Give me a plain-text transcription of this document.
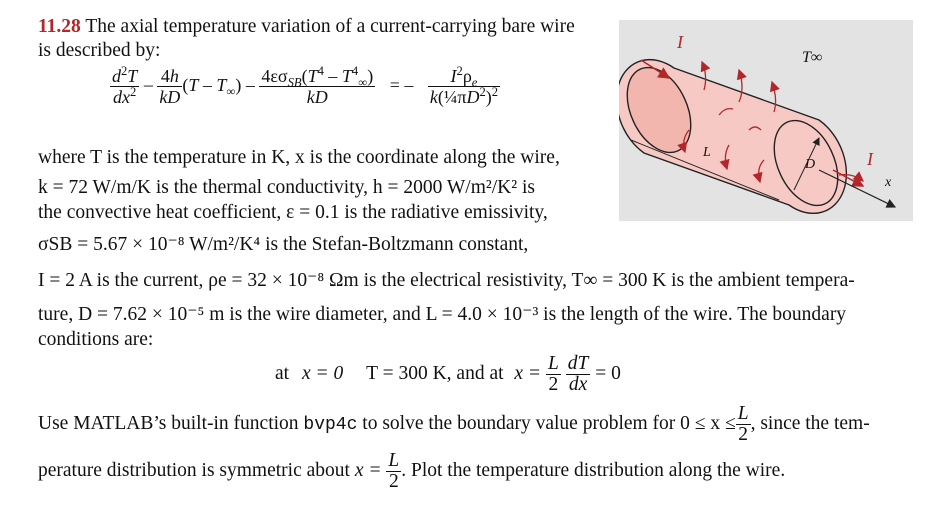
11.28 The axial temperature variation of a current-carrying bare wire
is described by:
$\frac{d^2T}{dx^2} - \frac{4h}{kD} (T - T_\infty) - \frac{4\varepsilon\sigma_{SB}(T^4 - T^4_\infty)}{kD}$ = – $\frac{I^2\rho_e}{k(\frac{1}{4}\pi D^2)^2}$
where T is the temperature in K, x is the coordinate along the wire,
k = 72 W/m/K is the thermal conductivity, h = 2000 W/m²/K² is
the convective heat coefficient, ε = 0.1 is the radiative emissivity,
σSB = 5.67 × 10⁻⁸ W/m²/K⁴ is the Stefan-Boltzmann constant,
I = 2 A is the current, ρe = 32 × 10⁻⁸ Ωm is the electrical resistivity, T∞ = 300 K is the ambient tempera-
ture, D = 7.62 × 10⁻⁵ m is the wire diameter, and L = 4.0 × 10⁻³ is the length of the wire. The boundary
conditions are:
at x = 0 T = 300 K, and at $x = \frac{L}{2}$
$\frac{dT}{dx} = 0$
Use MATLAB’s built-in function bvp4c to solve the boundary value problem for $0 \le x \le \frac{L}{2}$ , since the tem-
perature distribution is symmetric about $x = \frac{L}{2}$ . Plot the temperature distribution along the wire.
I
I
T∞
L
D
x
